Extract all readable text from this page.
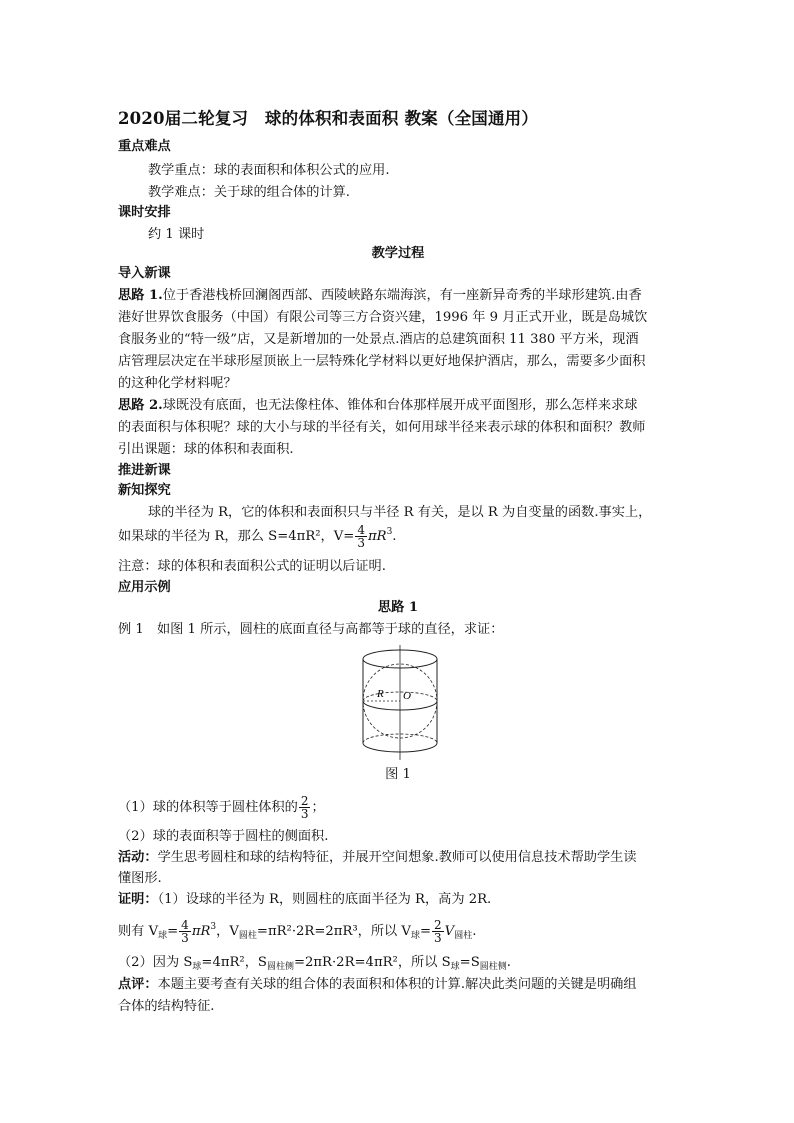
2020届二轮复习　球的体积和表面积 教案（全国通用）
重点难点
教学重点：球的表面积和体积公式的应用.
教学难点：关于球的组合体的计算.
课时安排
约 1 课时
教学过程
导入新课
思路 1.位于香港栈桥回澜阁西部、西陵峡路东端海滨，有一座新异奇秀的半球形建筑.由香
港好世界饮食服务（中国）有限公司等三方合资兴建，1996 年 9 月正式开业，既是岛城饮
食服务业的“特一级”店，又是新增加的一处景点.酒店的总建筑面积 11 380 平方米，现酒
店管理层决定在半球形屋顶嵌上一层特殊化学材料以更好地保护酒店，那么，需要多少面积
的这种化学材料呢？
思路 2.球既没有底面，也无法像柱体、锥体和台体那样展开成平面图形，那么怎样来求球
的表面积与体积呢？球的大小与球的半径有关，如何用球半径来表示球的体积和面积？教师
引出课题：球的体积和表面积.
推进新课
新知探究
球的半径为 R，它的体积和表面积只与半径 R 有关，是以 R 为自变量的函数.事实上，
如果球的半径为 R，那么 S=4πR²，$V= \frac{4}{3} \pi R^3$.
注意：球的体积和表面积公式的证明以后证明.
应用示例
思路 1
例 1　如图 1 所示，圆柱的底面直径与高都等于球的直径，求证：
R O
图 1
（1）球的体积等于圆柱体积的 $\frac{2}{3}$ ；
（2）球的表面积等于圆柱的侧面积.
活动：学生思考圆柱和球的结构特征，并展开空间想象.教师可以使用信息技术帮助学生读
懂图形.
证明：（1）设球的半径为 R，则圆柱的底面半径为 R，高为 2R.
则有 $V_球= \frac{4}{3} \pi R^3$，$V_{圆柱}=\pi R^2\cdot 2R=2\pi R^3$，所以 $V_球= \frac{2}{3} V_{圆柱}$.
（2）因为 $S_球=4\pi R^2$，$S_{圆柱侧}=2\pi R\cdot 2R=4\pi R^2$，所以 $S_球=S_{圆柱侧}$.
点评：本题主要考查有关球的组合体的表面积和体积的计算.解决此类问题的关键是明确组
合体的结构特征.
